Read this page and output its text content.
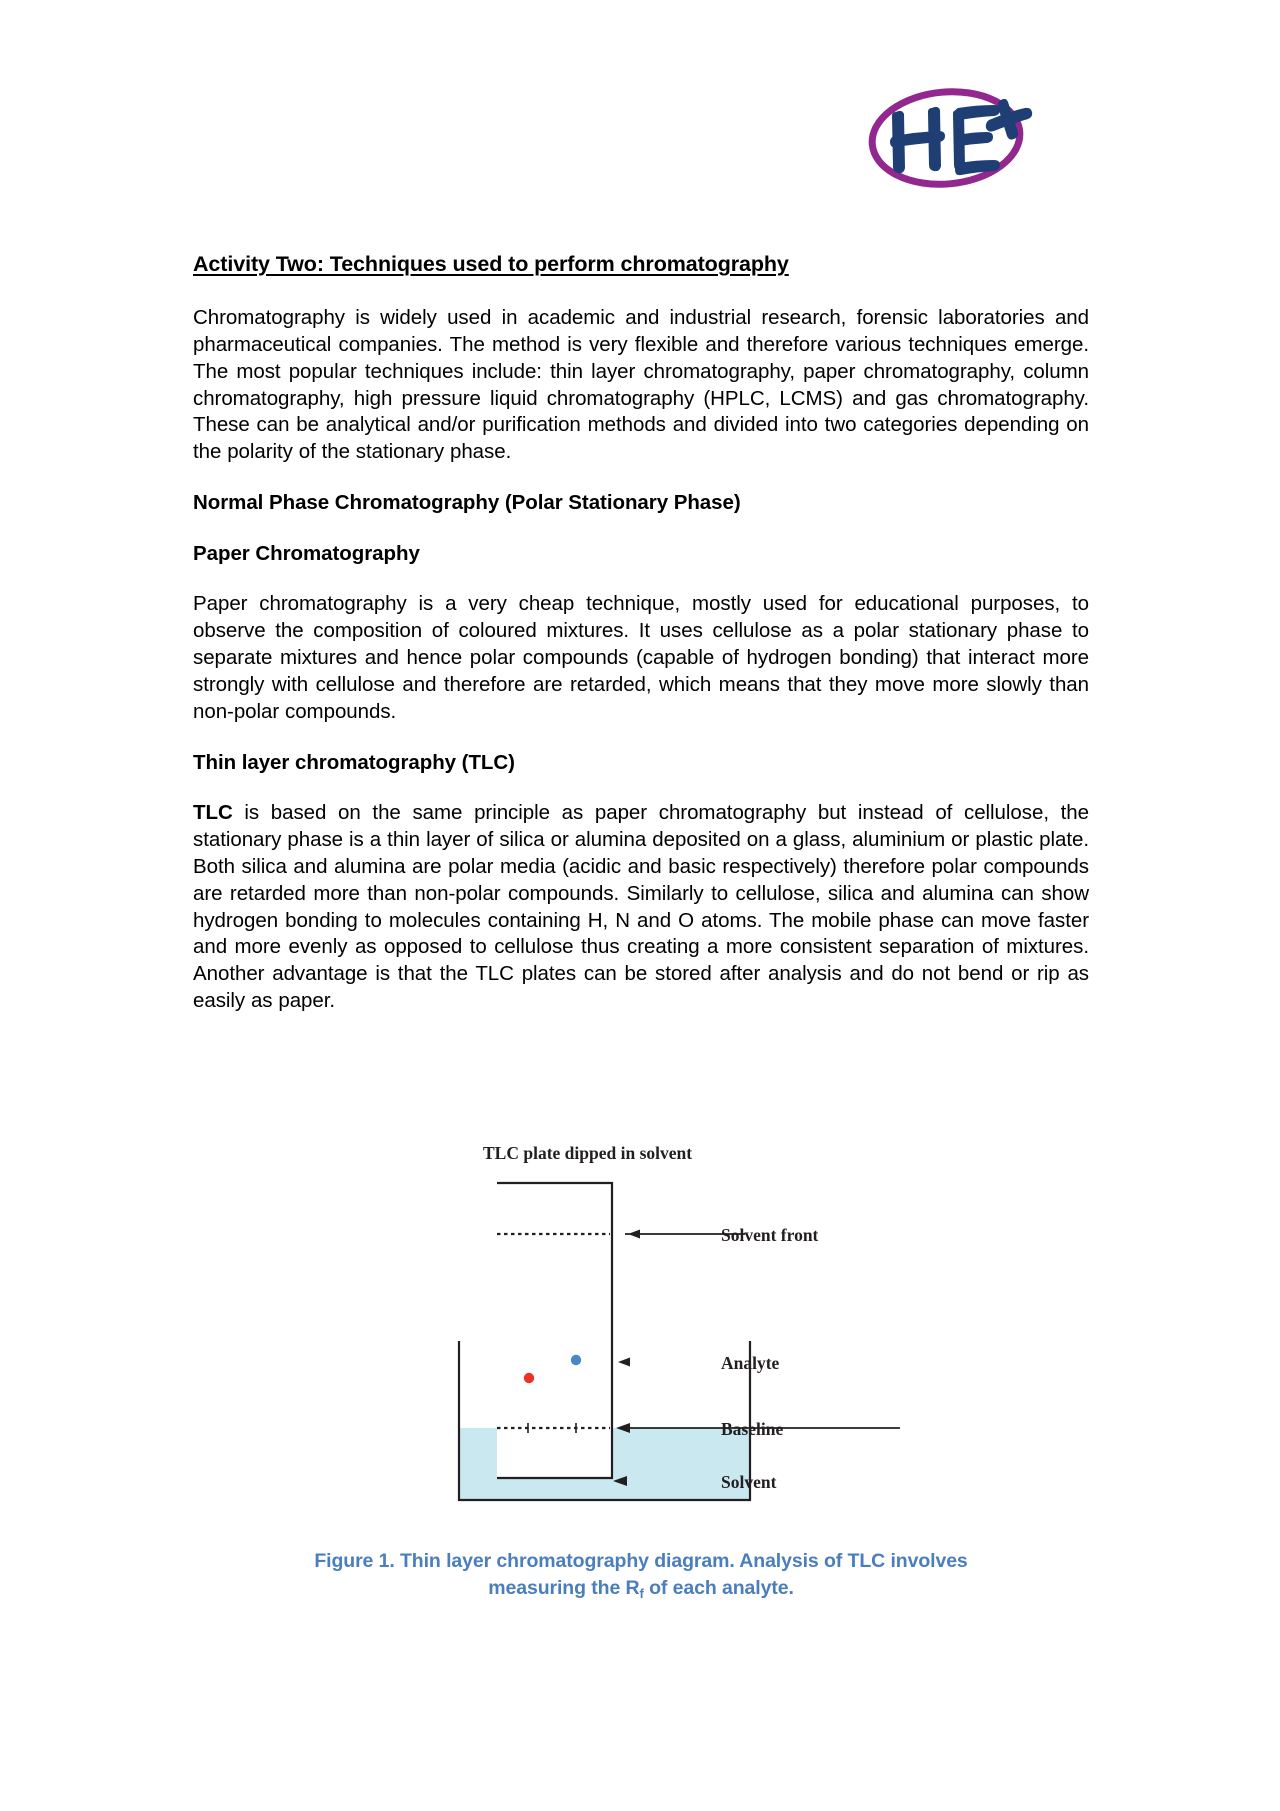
Activity Two: Techniques used to perform chromatography

Chromatography is widely used in academic and industrial research, forensic laboratories and pharmaceutical companies. The method is very flexible and therefore various techniques emerge. The most popular techniques include: thin layer chromatography, paper chromatography, column chromatography, high pressure liquid chromatography (HPLC, LCMS) and gas chromatography. These can be analytical and/or purification methods and divided into two categories depending on the polarity of the stationary phase.

Normal Phase Chromatography (Polar Stationary Phase)
Paper Chromatography

Paper chromatography is a very cheap technique, mostly used for educational purposes, to observe the composition of coloured mixtures. It uses cellulose as a polar stationary phase to separate mixtures and hence polar compounds (capable of hydrogen bonding) that interact more strongly with cellulose and therefore are retarded, which means that they move more slowly than non-polar compounds.

Thin layer chromatography (TLC)

TLC is based on the same principle as paper chromatography but instead of cellulose, the stationary phase is a thin layer of silica or alumina deposited on a glass, aluminium or plastic plate. Both silica and alumina are polar media (acidic and basic respectively) therefore polar compounds are retarded more than non-polar compounds. Similarly to cellulose, silica and alumina can show hydrogen bonding to molecules containing H, N and O atoms. The mobile phase can move faster and more evenly as opposed to cellulose thus creating a more consistent separation of mixtures. Another advantage is that the TLC plates can be stored after analysis and do not bend or rip as easily as paper.

TLC plate dipped in solvent
Solvent front
Analyte
Baseline
Solvent
Figure 1. Thin layer chromatography diagram. Analysis of TLC involves
measuring the $R_f$ of each analyte.
